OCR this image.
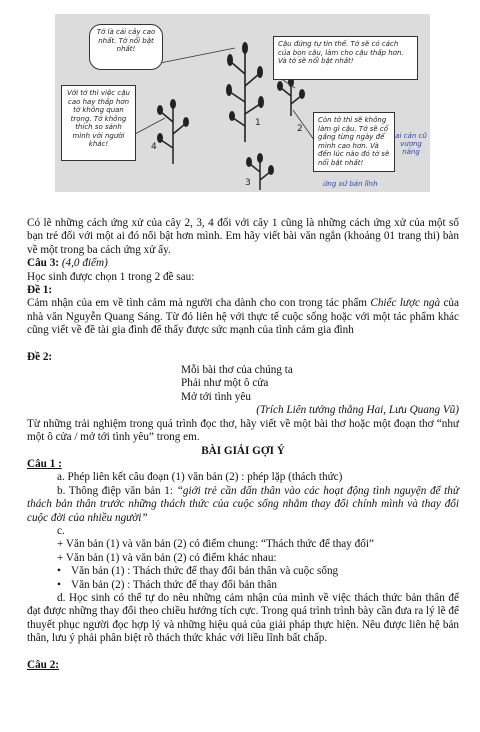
Tớ là cái cây cao nhất. Tớ nổi bật nhất!
Cậu đứng tự tin thế. Tớ sẽ có cách của bọn cậu, làm cho cậu thấp hơn. Và tớ sẽ nổi bật nhất!
Với tớ thì việc cậu cao hay thấp hơn tớ không quan trọng. Tớ không thích so sánh mình với người khác!
Còn tớ thì sẽ không làm gì cậu. Tớ sẽ cố gắng từng ngày để mình cao hơn. Và đến lúc nào đó tớ sẽ nổi bật nhất!
1
2
3
4
ai cản cũ vượng nàng
ứng xử bản lĩnh

Có lẽ những cách ứng xử của cây 2, 3, 4 đối với cây 1 cũng là những cách ứng xử của một số bạn trẻ đối với một ai đó nổi bật hơn mình. Em hãy viết bài văn ngắn (khoảng 01 trang thi) bàn về một trong ba cách ứng xử ấy.

Câu 3: (4,0 điểm)

Học sinh được chọn 1 trong 2 đề sau:

Đề 1:

Cảm nhận của em về tình cảm mà người cha dành cho con trong tác phẩm Chiếc lược ngà của nhà văn Nguyễn Quang Sáng. Từ đó liên hệ với thực tế cuộc sống hoặc với một tác phẩm khác cũng viết về đề tài gia đình để thấy được sức mạnh của tình cảm gia đình

Đề 2:

Mỗi bài thơ của chúng ta

Phải như một ô cửa

Mở tới tình yêu

(Trích Liên tưởng thẳng Hai, Lưu Quang Vũ)

Từ những trải nghiệm trong quá trình đọc thơ, hãy viết về một bài thơ hoặc một đoạn thơ “như một ô cửa / mở tới tình yêu” trong em.

BÀI GIẢI GỢI Ý

Câu 1 :

a. Phép liên kết câu đoạn (1) văn bản (2) : phép lặp (thách thức)

b. Thông điệp văn bản 1: “giới trẻ cần dấn thân vào các hoạt động tình nguyện để thử thách bản thân trước những thách thức của cuộc sống nhằm thay đổi chính mình và thay đổi cuộc đời của nhiều người”

c.

+ Văn bản (1) và văn bản (2) có điểm chung: “Thách thức để thay đổi”

+ Văn bản (1) và văn bản (2) có điểm khác nhau:

• Văn bản (1) : Thách thức để thay đổi bản thân và cuộc sống

• Văn bản (2) : Thách thức để thay đổi bản thân

d. Học sinh có thể tự do nêu những cảm nhận của mình về việc thách thức bản thân để đạt được những thay đổi theo chiều hướng tích cực. Trong quá trình trình bày cần đưa ra lý lẽ để thuyết phục người đọc hợp lý và những hiệu quả của giải pháp thực hiện. Nêu được liên hệ bản thân, lưu ý phải phân biệt rõ thách thức khác với liều lĩnh bất chấp.

Câu 2:
